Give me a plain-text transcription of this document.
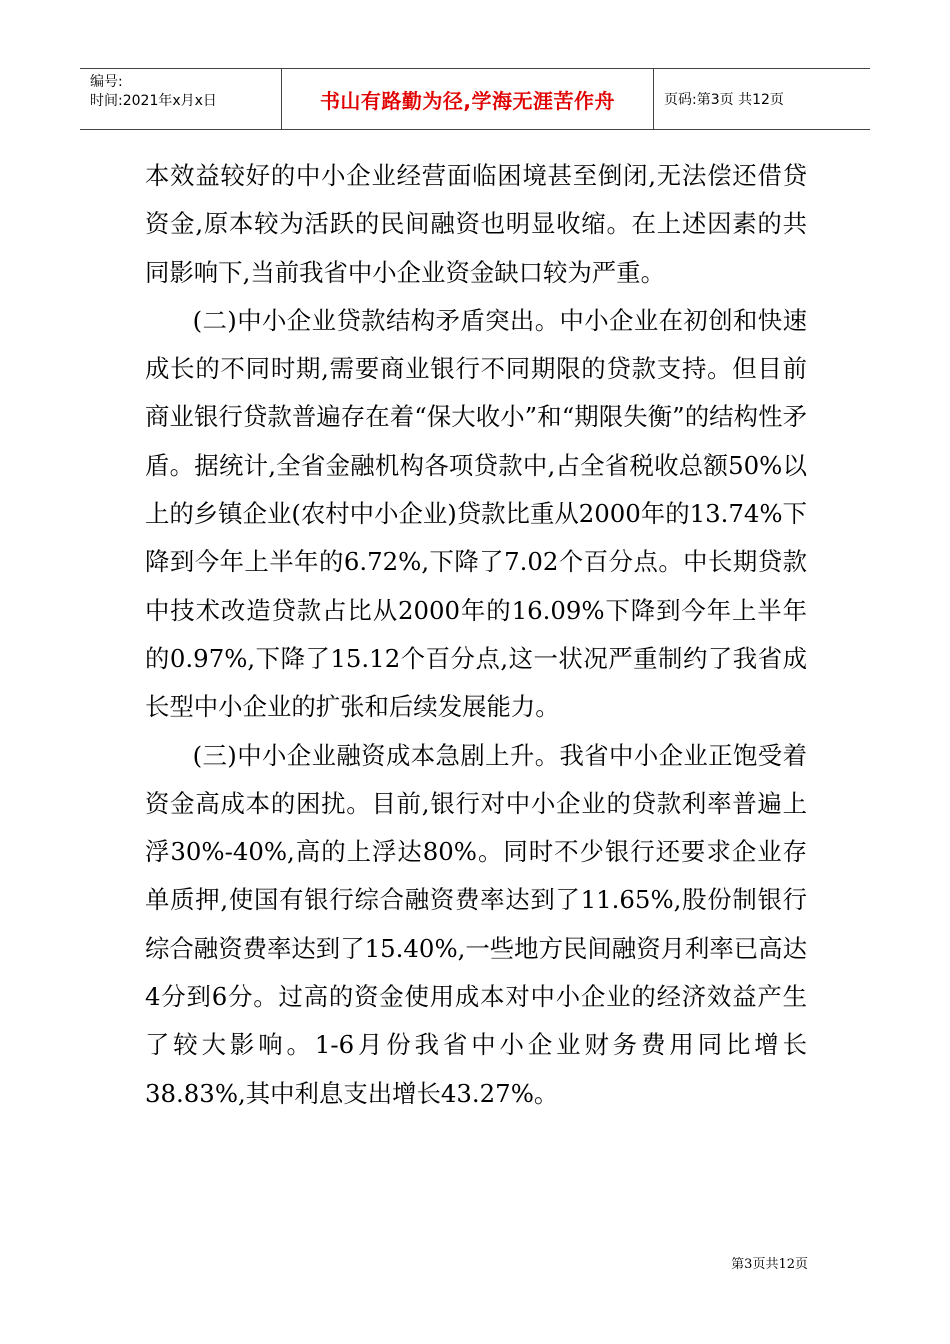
编号:
时间:2021年x月x日	书山有路勤为径,学海无涯苦作舟	页码:第3页 共12页

本效益较好的中小企业经营面临困境甚至倒闭,无法偿还借贷资金,原本较为活跃的民间融资也明显收缩。在上述因素的共同影响下,当前我省中小企业资金缺口较为严重。

(二)中小企业贷款结构矛盾突出。中小企业在初创和快速成长的不同时期,需要商业银行不同期限的贷款支持。但目前商业银行贷款普遍存在着“保大收小”和“期限失衡”的结构性矛盾。据统计,全省金融机构各项贷款中,占全省税收总额50%以上的乡镇企业(农村中小企业)贷款比重从2000年的13.74%下降到今年上半年的6.72%,下降了7.02个百分点。中长期贷款中技术改造贷款占比从2000年的16.09%下降到今年上半年的0.97%,下降了15.12个百分点,这一状况严重制约了我省成长型中小企业的扩张和后续发展能力。

(三)中小企业融资成本急剧上升。我省中小企业正饱受着资金高成本的困扰。目前,银行对中小企业的贷款利率普遍上浮30%-40%,高的上浮达80%。同时不少银行还要求企业存单质押,使国有银行综合融资费率达到了11.65%,股份制银行综合融资费率达到了15.40%,一些地方民间融资月利率已高达4分到6分。过高的资金使用成本对中小企业的经济效益产生了较大影响。1-6月份我省中小企业财务费用同比增长38.83%,其中利息支出增长43.27%。

第3页共12页
